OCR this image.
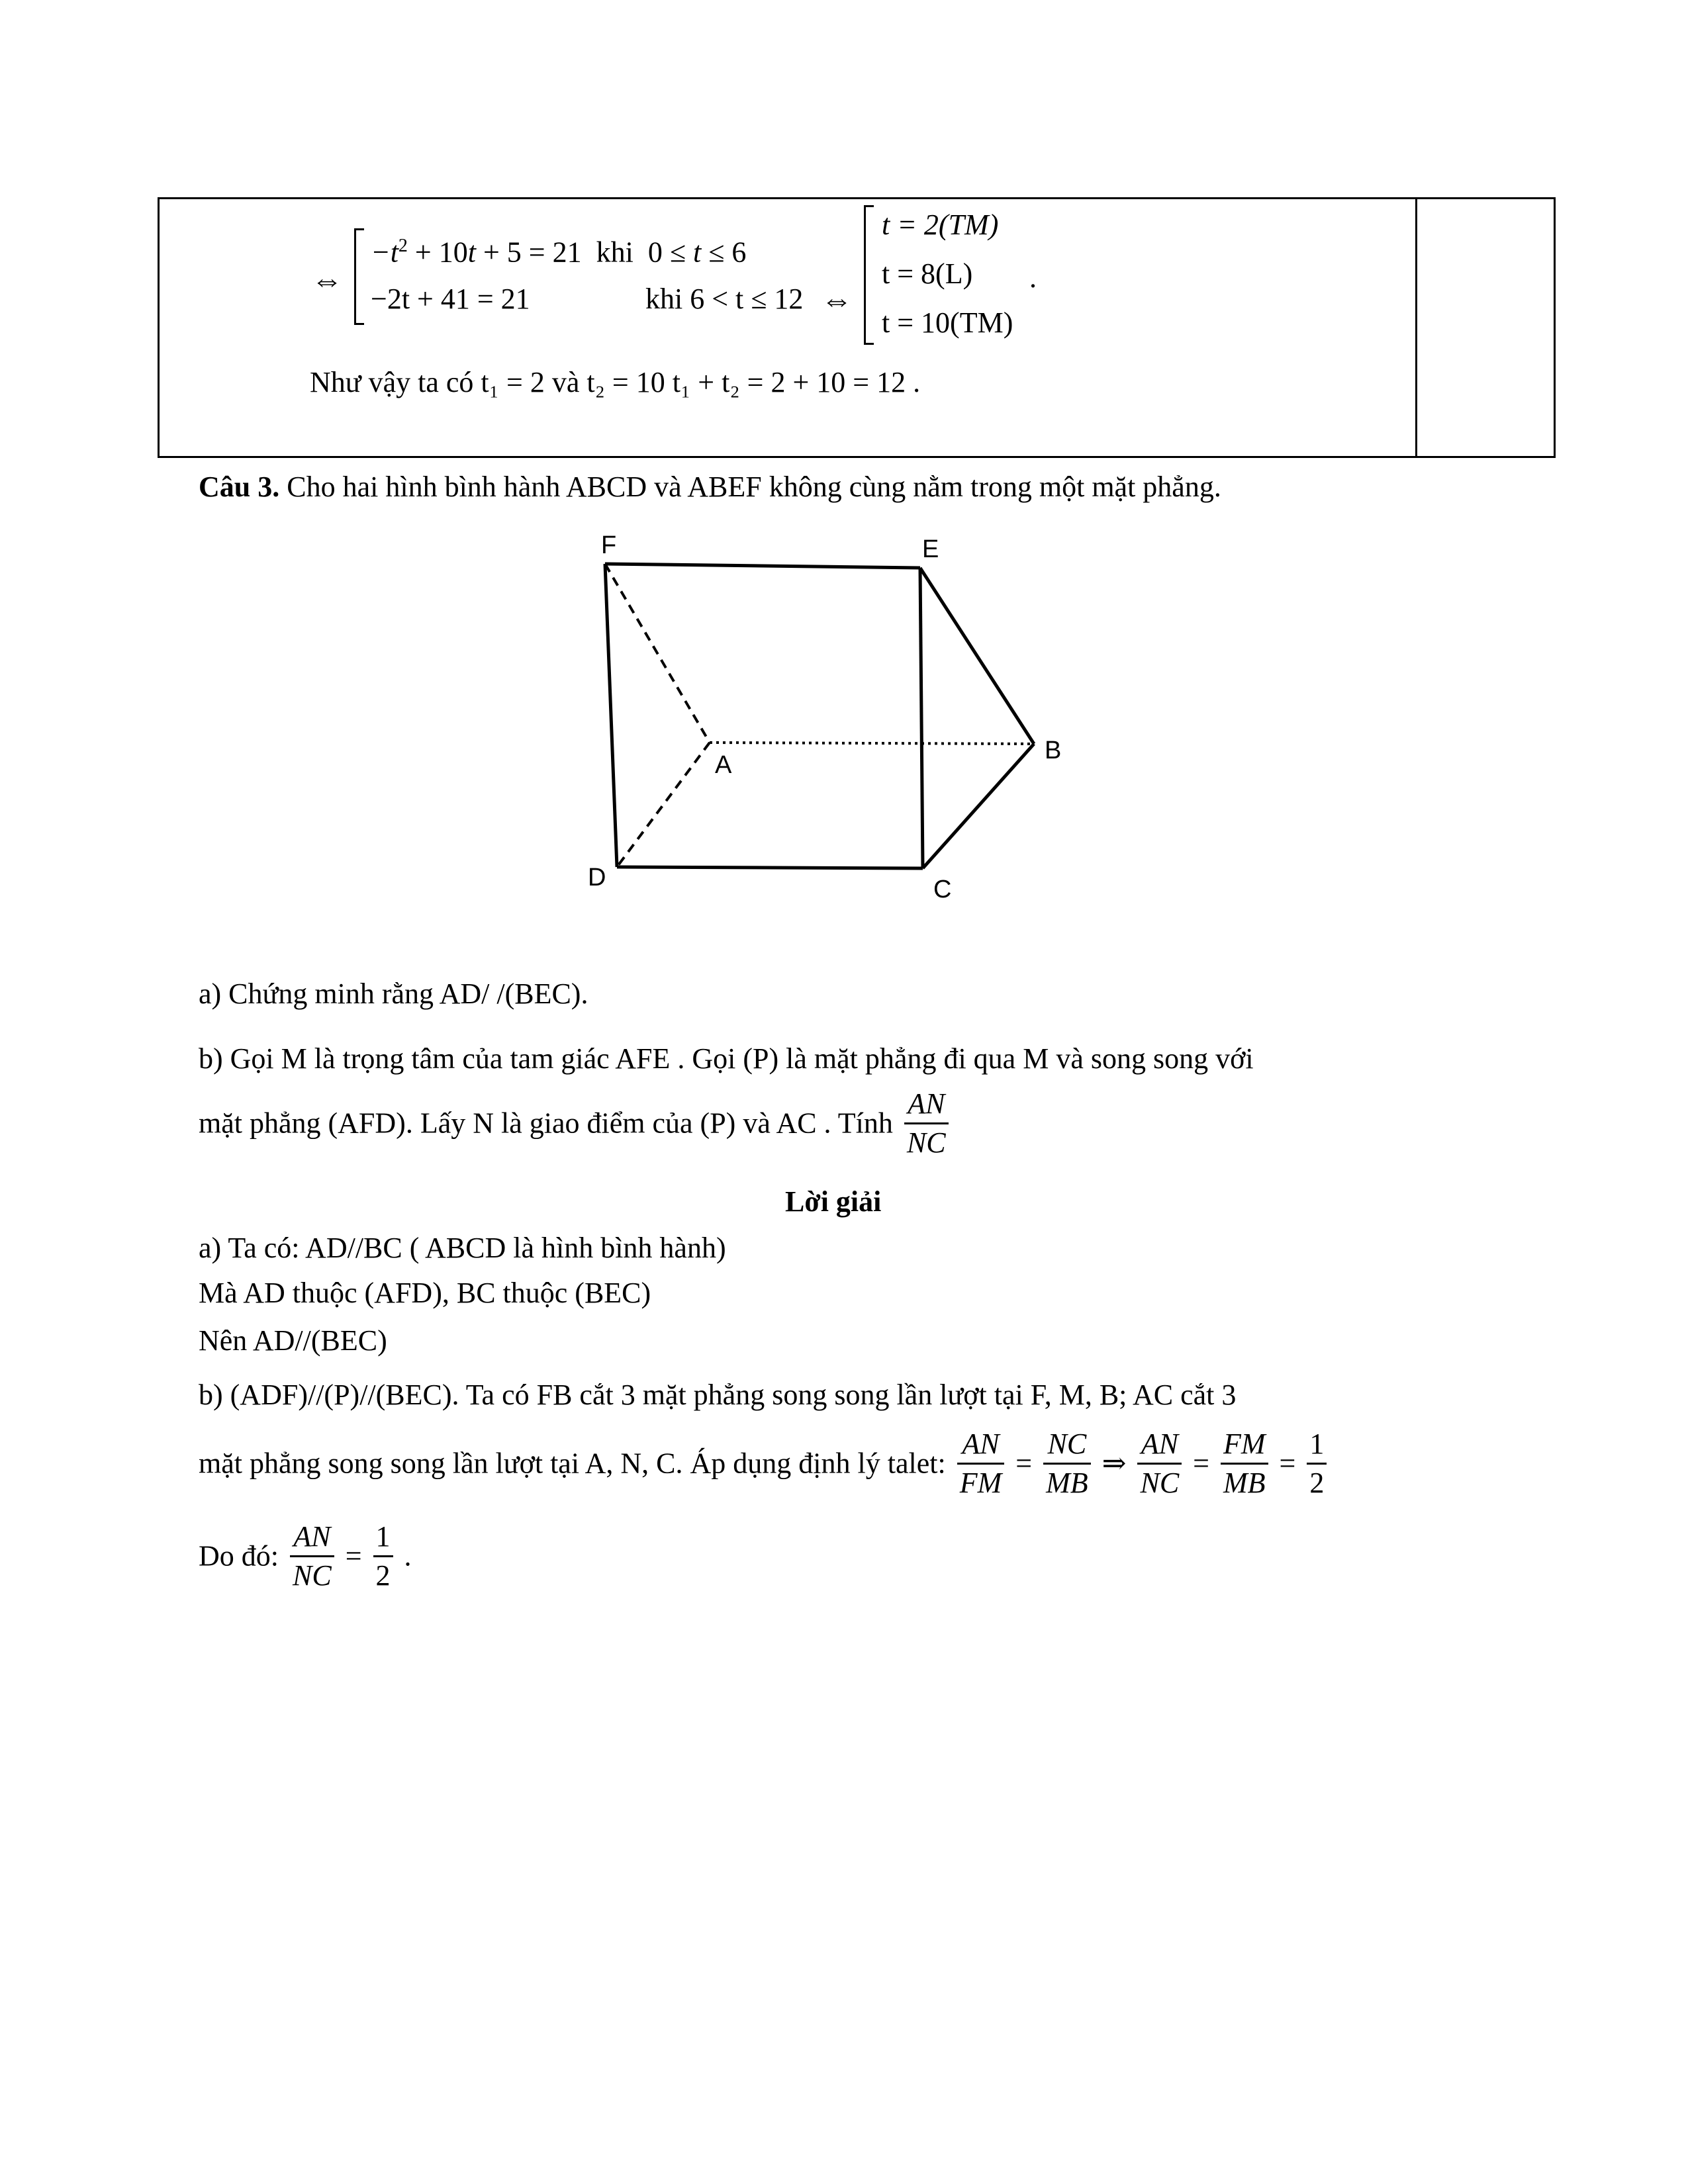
⇔
$-t^2 + 10t + 5 = 21$  khi  0 ≤ t ≤ 6
−2t + 41 = 21	khi 6 < t ≤ 12 ⇔
t = 2(TM)
t = 8(L)
t = 10(TM)
.
Như vậy ta có t₁ = 2 và t₂ = 10 t₁ + t₂ = 2 + 10 = 12 .
Câu 3. Cho hai hình bình hành ABCD và ABEF không cùng nằm trong một mặt phẳng.
F	E
A
B
D	C
a) Chứng minh rằng AD/ /(BEC).
b) Gọi M là trọng tâm của tam giác AFE . Gọi (P) là mặt phẳng đi qua M và song song với
mặt phẳng (AFD). Lấy N là giao điểm của (P) và AC . Tính $\frac{AN}{NC}$
Lời giải
a) Ta có: AD//BC ( ABCD là hình bình hành)
Mà AD thuộc (AFD), BC thuộc (BEC)
Nên AD//(BEC)
b) (ADF)//(P)//(BEC). Ta có FB cắt 3 mặt phẳng song song lần lượt tại F, M, B; AC cắt 3
mặt phẳng song song lần lượt tại A, N, C. Áp dụng định lý talet: $\frac{AN}{FM} = \frac{NC}{MB}$ ⇒ $\frac{AN}{NC} = \frac{FM}{MB} = \frac{1}{2}$
Do đó: $\frac{AN}{NC} = \frac{1}{2}$ .
